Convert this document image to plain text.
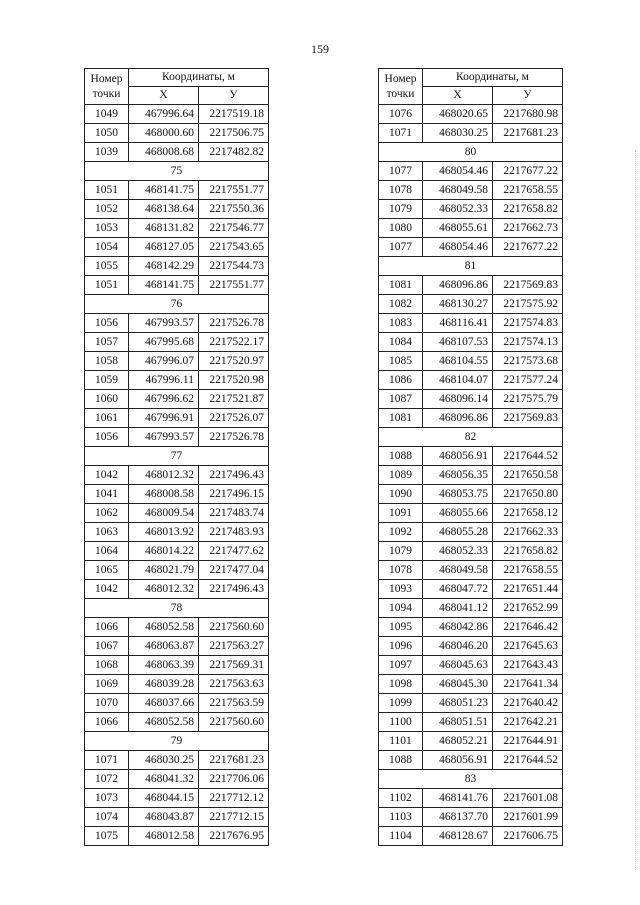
159
Номер
точки	Координаты, м	
	X	У
1049	467996.64	2217519.18
1050	468000.60	2217506.75
1039	468008.68	2217482.82
75		
1051	468141.75	2217551.77
1052	468138.64	2217550.36
1053	468131.82	2217546.77
1054	468127.05	2217543.65
1055	468142.29	2217544.73
1051	468141.75	2217551.77
76		
1056	467993.57	2217526.78
1057	467995.68	2217522.17
1058	467996.07	2217520.97
1059	467996.11	2217520.98
1060	467996.62	2217521.87
1061	467996.91	2217526.07
1056	467993.57	2217526.78
77		
1042	468012.32	2217496.43
1041	468008.58	2217496.15
1062	468009.54	2217483.74
1063	468013.92	2217483.93
1064	468014.22	2217477.62
1065	468021.79	2217477.04
1042	468012.32	2217496.43
78		
1066	468052.58	2217560.60
1067	468063.87	2217563.27
1068	468063.39	2217569.31
1069	468039.28	2217563.63
1070	468037.66	2217563.59
1066	468052.58	2217560.60
79		
1071	468030.25	2217681.23
1072	468041.32	2217706.06
1073	468044.15	2217712.12
1074	468043.87	2217712.15
1075	468012.58	2217676.95
Номер
точки	Координаты, м	
	X	У
1076	468020.65	2217680.98
1071	468030.25	2217681.23
80		
1077	468054.46	2217677.22
1078	468049.58	2217658.55
1079	468052.33	2217658.82
1080	468055.61	2217662.73
1077	468054.46	2217677.22
81		
1081	468096.86	2217569.83
1082	468130.27	2217575.92
1083	468116.41	2217574.83
1084	468107.53	2217574.13
1085	468104.55	2217573.68
1086	468104.07	2217577.24
1087	468096.14	2217575.79
1081	468096.86	2217569.83
82		
1088	468056.91	2217644.52
1089	468056.35	2217650.58
1090	468053.75	2217650.80
1091	468055.66	2217658.12
1092	468055.28	2217662.33
1079	468052.33	2217658.82
1078	468049.58	2217658.55
1093	468047.72	2217651.44
1094	468041.12	2217652.99
1095	468042.86	2217646.42
1096	468046.20	2217645.63
1097	468045.63	2217643.43
1098	468045.30	2217641.34
1099	468051.23	2217640.42
1100	468051.51	2217642.21
1101	468052.21	2217644.91
1088	468056.91	2217644.52
83		
1102	468141.76	2217601.08
1103	468137.70	2217601.99
1104	468128.67	2217606.75
